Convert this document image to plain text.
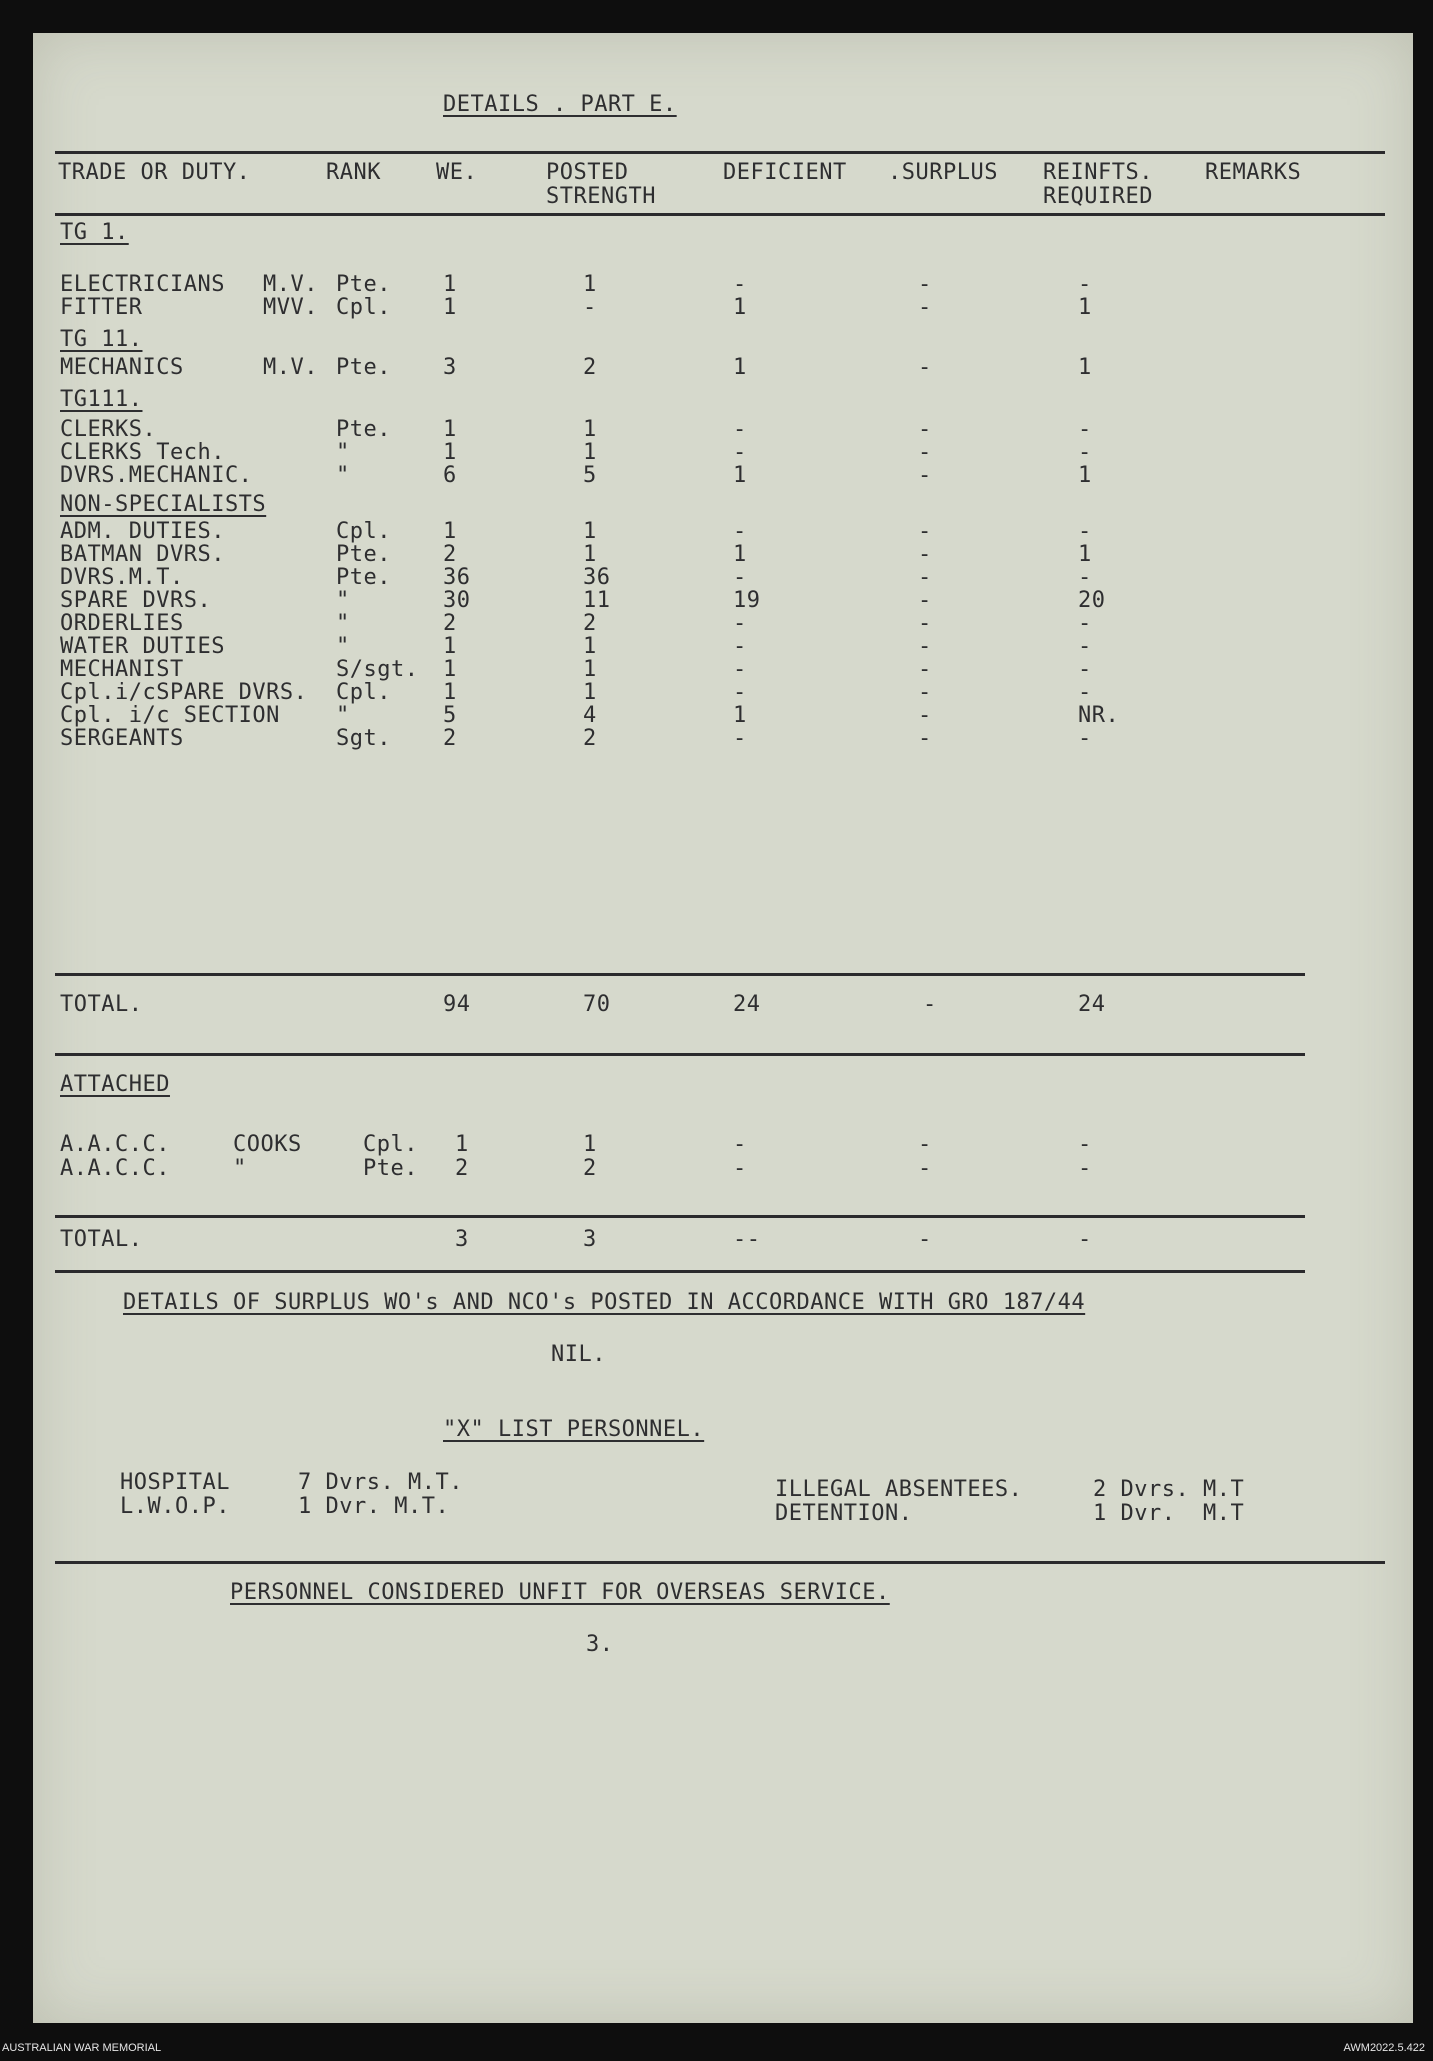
DETAILS . PART E.
TRADE OR DUTY.	RANK	WE.	POSTED
STRENGTH
DEFICIENT .SURPLUS REINFTS.
REQUIRED
REMARKS
TG 1.
TG 11.
TG111.
NON-SPECIALISTS
ELECTRICIANS M.V. Pte. 1	1	-	-	-
FITTER	MVV. Cpl. 1	-	1	-	1
MECHANICS	M.V. Pte. 3	2	1	-	1
CLERKS.	Pte. 1	1	-	-	-
CLERKS Tech.	"	1	1	-	-	-
DVRS.MECHANIC.	"	6	5	1	-	1
ADM. DUTIES.	Cpl. 1	1	-	-	-
BATMAN DVRS.	Pte. 2	1	1	-	1
DVRS.M.T.	Pte. 36	36	-	-	-
SPARE DVRS.	"	30	11	19	-	20
ORDERLIES	"	2	2	-	-	-
WATER DUTIES	"	1	1	-	-	-
MECHANIST	S/sgt. 1	1	-	-	-
Cpl.i/cSPARE DVRS. Cpl. 1	1	-	-	-
Cpl. i/c SECTION	"	5	4	1	-	NR.
SERGEANTS	Sgt. 2	2	-	-	-
TOTAL.	94	70	24	-	24
ATTACHED
A.A.C.C.	COOKS	Cpl. 1	1	-	-	-
A.A.C.C.	"	Pte. 2	2	-	-	-
TOTAL.	3	3	--	-	-
DETAILS OF SURPLUS WO's AND NCO's POSTED IN ACCORDANCE WITH GRO 187/44
NIL.
"X" LIST PERSONNEL.
HOSPITAL	7 Dvrs. M.T.
L.W.O.P.	1 Dvr. M.T.
ILLEGAL ABSENTEES.	2 Dvrs. M.T
DETENTION.	1 Dvr.  M.T
PERSONNEL CONSIDERED UNFIT FOR OVERSEAS SERVICE.
3.
AUSTRALIAN WAR MEMORIAL	AWM2022.5.422
